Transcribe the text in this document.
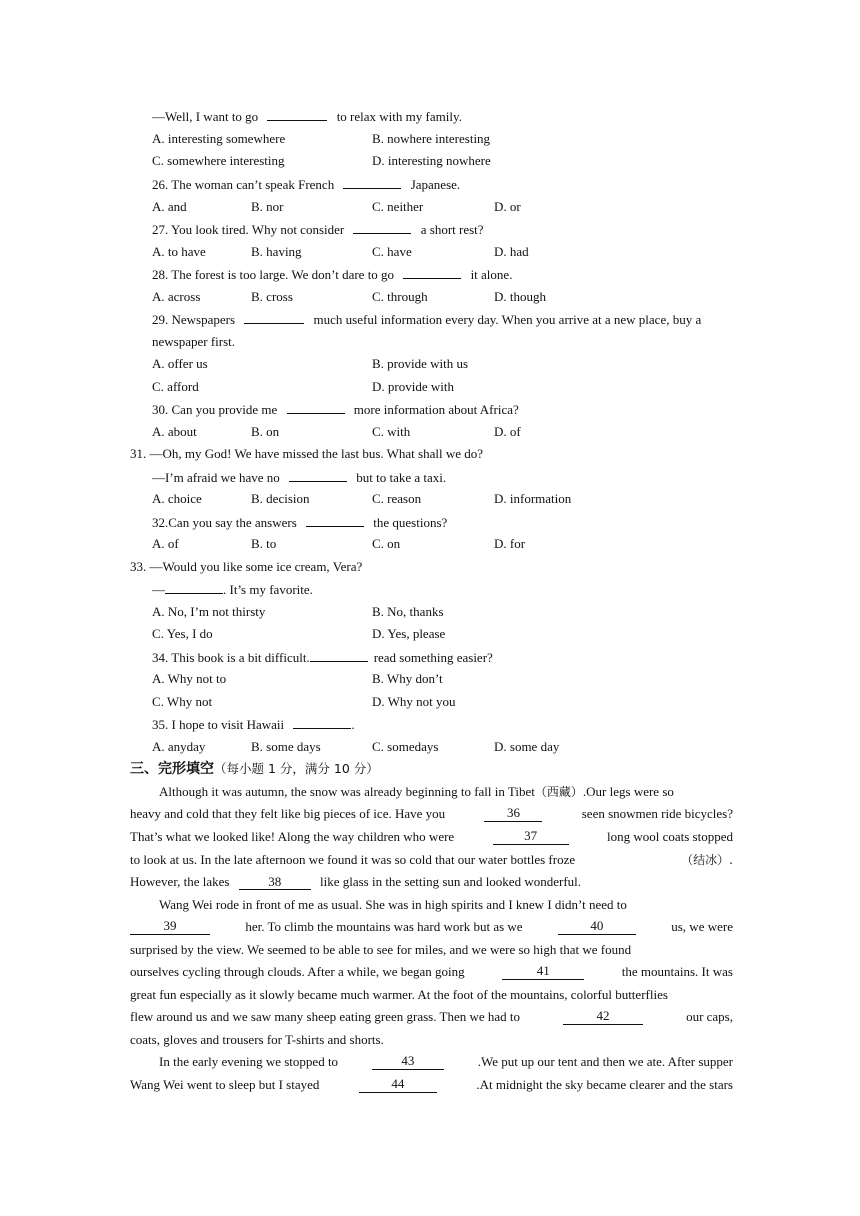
—Well, I want to go	to relax with my family.
A. interesting somewhere	B. nowhere interesting
C. somewhere interesting	D. interesting nowhere
26. The woman can’t speak French	Japanese.
A. and	B. nor	C. neither	D. or
27. You look tired. Why not consider	a short rest?
A. to have	B. having	C. have	D. had
28. The forest is too large. We don’t dare to go	it alone.
A. across	B. cross	C. through	D. though
29. Newspapers	much useful information every day. When you arrive at a new place, buy a
newspaper first.
A. offer us	B. provide with us
C. afford	D. provide with
30. Can you provide me	more information about Africa?
A. about	B. on	C. with	D. of
31. —Oh, my God! We have missed the last bus. What shall we do?
—I’m afraid we have no	but to take a taxi.
A. choice	B. decision	C. reason	D. information
32.Can you say the answers	the questions?
A. of	B. to	C. on	D. for
33. —Would you like some ice cream, Vera?
—	. It’s my favorite.
A. No, I’m not thirsty	B. No, thanks
C. Yes, I do	D. Yes, please
34. This book is a bit difficult.	read something easier?
A. Why not to	B. Why don’t
C. Why not	D. Why not you
35. I hope to visit Hawaii	.
A. anyday	B. some days	C. somedays	D. some day
三、完形填空（每小题 1 分，满分 10 分）
Although it was autumn, the snow was already beginning to fall in Tibet（西藏）.Our legs were so
heavy and cold that they felt like big pieces of ice. Have you	36	seen snowmen ride bicycles?
That’s what we looked like! Along the way children who were	37	long wool coats stopped
to look at us. In the late afternoon we found it was so cold that our water bottles froze	（结冰）.
However, the lakes	38	like glass in the setting sun and looked wonderful.
Wang Wei rode in front of me as usual. She was in high spirits and I knew I didn’t need to
39	her. To climb the mountains was hard work but as we	40	us, we were
surprised by the view. We seemed to be able to see for miles, and we were so high that we found
ourselves cycling through clouds. After a while, we began going	41	the mountains. It was
great fun especially as it slowly became much warmer. At the foot of the mountains, colorful butterflies
flew around us and we saw many sheep eating green grass. Then we had to	42	our caps,
coats, gloves and trousers for T-shirts and shorts.
In the early evening we stopped to	43	.We put up our tent and then we ate. After supper
Wang Wei went to sleep but I stayed	44	.At midnight the sky became clearer and the stars
